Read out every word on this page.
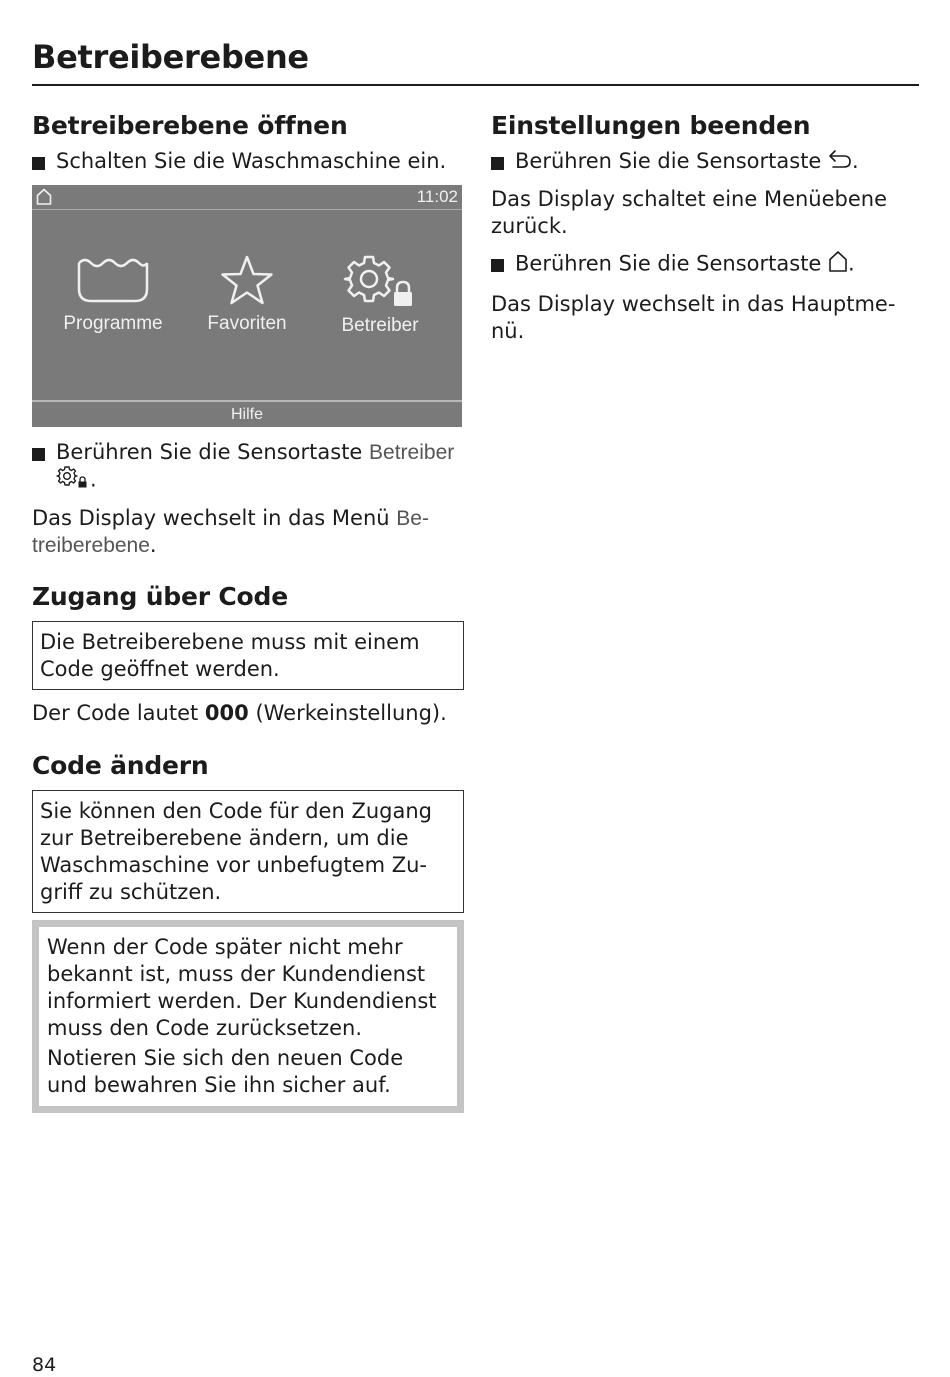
Betreiberebene
Betreiberebene öffnen
Schalten Sie die Waschmaschine ein.
11:02
Programme	Favoriten	Betreiber
Hilfe
Berühren Sie die Sensortaste Betreiber
.
Das Display wechselt in das Menü Be-
treiberebene.
Zugang über Code
Die Betreiberebene muss mit einem Code geöffnet werden.
Der Code lautet 000 (Werkeinstellung).
Code ändern
Sie können den Code für den Zugang zur Betreiberebene ändern, um die Waschmaschine vor unbefugtem Zu-griff zu schützen.
Wenn der Code später nicht mehr bekannt ist, muss der Kundendienst informiert werden. Der Kundendienst muss den Code zurücksetzen.
Notieren Sie sich den neuen Code und bewahren Sie ihn sicher auf.
Einstellungen beenden
Berühren Sie die Sensortaste .
Das Display schaltet eine Menüebene zurück.
Berühren Sie die Sensortaste .
Das Display wechselt in das Hauptme-nü.
84
